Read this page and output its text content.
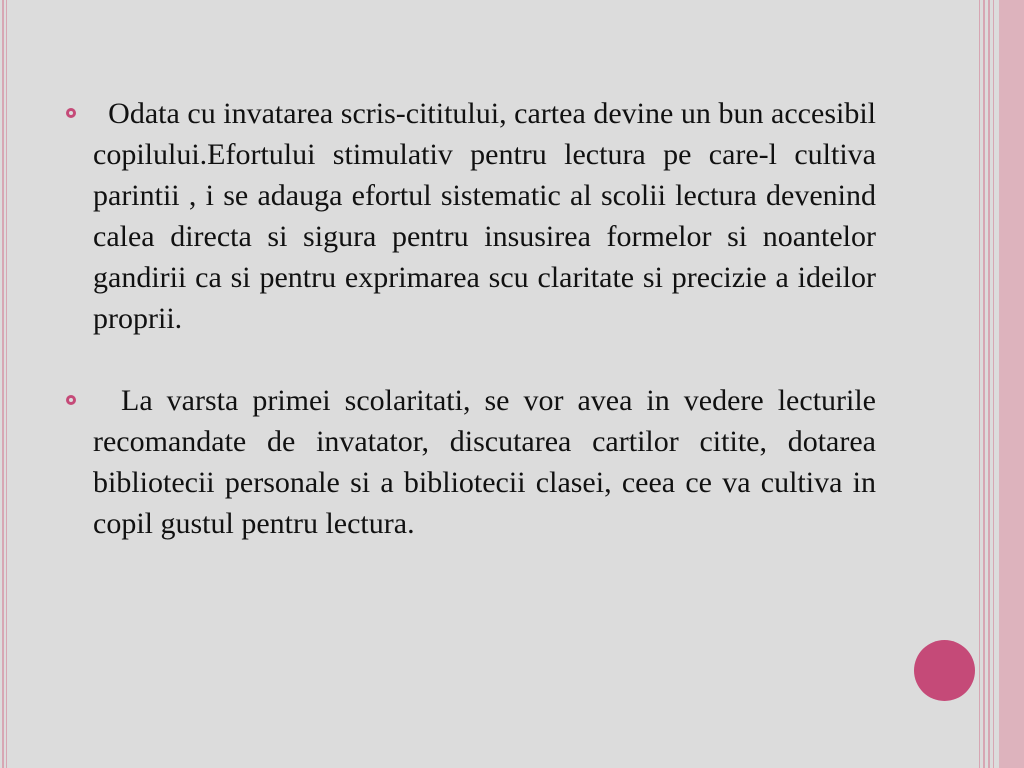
Odata cu invatarea scris-cititului, cartea devine un bun accesibil copilului.Efortului stimulativ pentru lectura pe care-l cultiva parintii , i se adauga efortul sistematic al scolii lectura devenind calea directa si sigura pentru insusirea formelor si noantelor gandirii ca si pentru exprimarea scu claritate si precizie a ideilor proprii.
La varsta primei scolaritati, se vor avea in vedere lecturile recomandate de invatator, discutarea cartilor citite, dotarea bibliotecii personale si a bibliotecii clasei, ceea ce va cultiva in copil gustul pentru lectura.
